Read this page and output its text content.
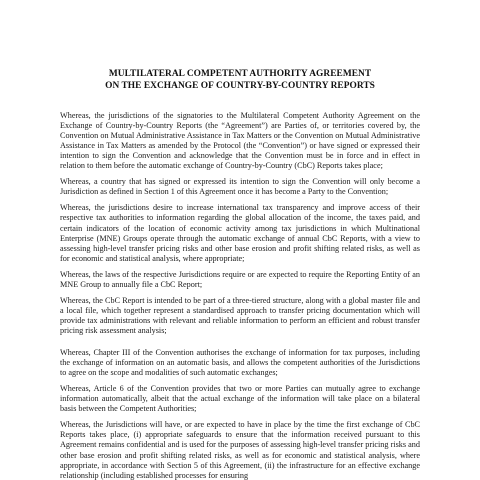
MULTILATERAL COMPETENT AUTHORITY AGREEMENT
ON THE EXCHANGE OF COUNTRY-BY-COUNTRY REPORTS

Whereas, the jurisdictions of the signatories to the Multilateral Competent Authority Agreement on the Exchange of Country-by-Country Reports (the “Agreement”) are Parties of, or territories covered by, the Convention on Mutual Administrative Assistance in Tax Matters or the Convention on Mutual Administrative Assistance in Tax Matters as amended by the Protocol (the “Convention”) or have signed or expressed their intention to sign the Convention and acknowledge that the Convention must be in force and in effect in relation to them before the automatic exchange of Country-by-Country (CbC) Reports takes place;

Whereas, a country that has signed or expressed its intention to sign the Convention will only become a Jurisdiction as defined in Section 1 of this Agreement once it has become a Party to the Convention;

Whereas, the jurisdictions desire to increase international tax transparency and improve access of their respective tax authorities to information regarding the global allocation of the income, the taxes paid, and certain indicators of the location of economic activity among tax jurisdictions in which Multinational Enterprise (MNE) Groups operate through the automatic exchange of annual CbC Reports, with a view to assessing high-level transfer pricing risks and other base erosion and profit shifting related risks, as well as for economic and statistical analysis, where appropriate;

Whereas, the laws of the respective Jurisdictions require or are expected to require the Reporting Entity of an MNE Group to annually file a CbC Report;

Whereas, the CbC Report is intended to be part of a three-tiered structure, along with a global master file and a local file, which together represent a standardised approach to transfer pricing documentation which will provide tax administrations with relevant and reliable information to perform an efficient and robust transfer pricing risk assessment analysis;

Whereas, Chapter III of the Convention authorises the exchange of information for tax purposes, including the exchange of information on an automatic basis, and allows the competent authorities of the Jurisdictions to agree on the scope and modalities of such automatic exchanges;

Whereas, Article 6 of the Convention provides that two or more Parties can mutually agree to exchange information automatically, albeit that the actual exchange of the information will take place on a bilateral basis between the Competent Authorities;

Whereas, the Jurisdictions will have, or are expected to have in place by the time the first exchange of CbC Reports takes place, (i) appropriate safeguards to ensure that the information received pursuant to this Agreement remains confidential and is used for the purposes of assessing high-level transfer pricing risks and other base erosion and profit shifting related risks, as well as for economic and statistical analysis, where appropriate, in accordance with Section 5 of this Agreement, (ii) the infrastructure for an effective exchange relationship (including established processes for ensuring
